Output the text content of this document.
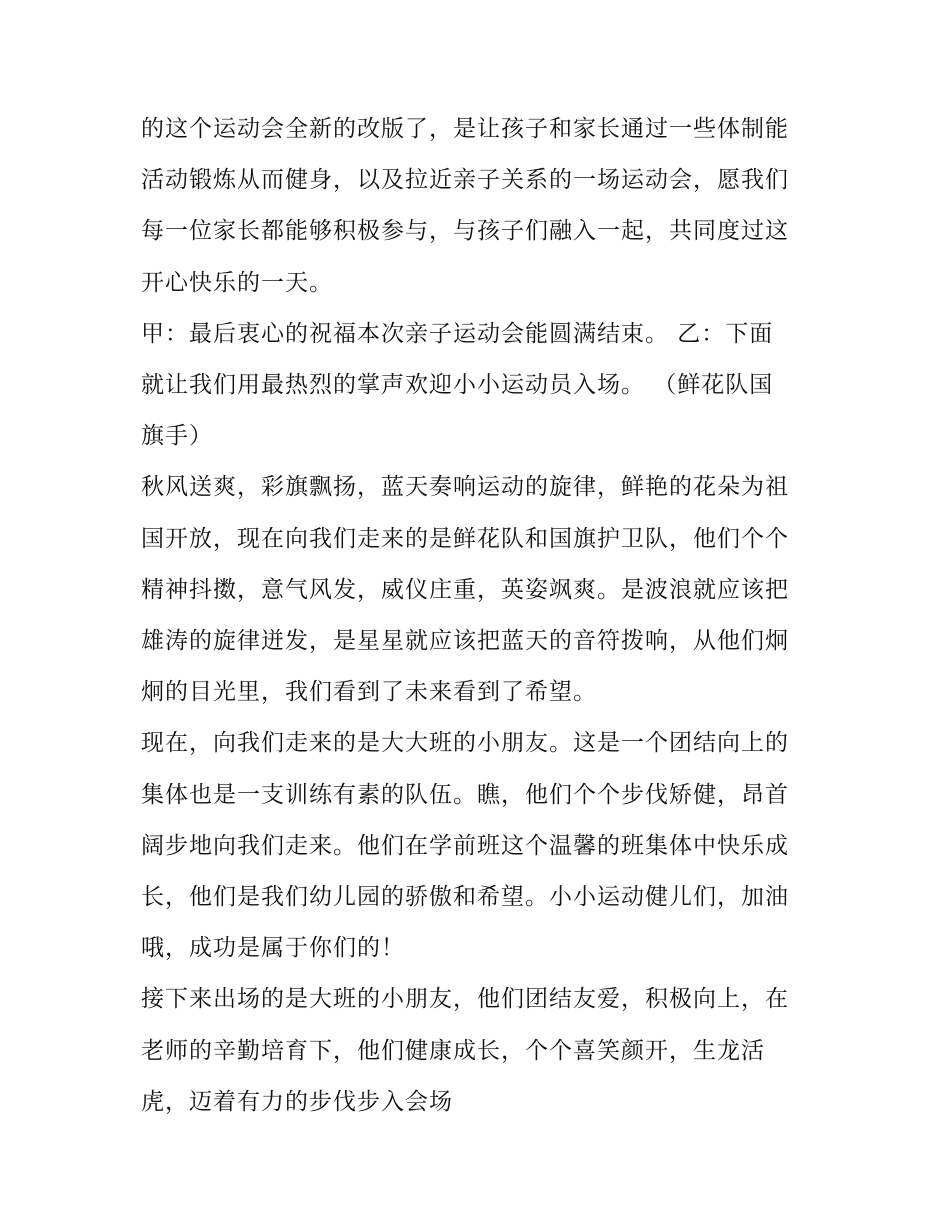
的这个运动会全新的改版了，是让孩子和家长通过一些体制能
活动锻炼从而健身，以及拉近亲子关系的一场运动会，愿我们
每一位家长都能够积极参与，与孩子们融入一起，共同度过这
开心快乐的一天。

甲：最后衷心的祝福本次亲子运动会能圆满结束。 乙：下面
就让我们用最热烈的掌声欢迎小小运动员入场。 （鲜花队国
旗手）

秋风送爽，彩旗飘扬，蓝天奏响运动的旋律，鲜艳的花朵为祖
国开放，现在向我们走来的是鲜花队和国旗护卫队，他们个个
精神抖擞，意气风发，威仪庄重，英姿飒爽。是波浪就应该把
雄涛的旋律迸发，是星星就应该把蓝天的音符拨响，从他们炯
炯的目光里，我们看到了未来看到了希望。

现在，向我们走来的是大大班的小朋友。这是一个团结向上的
集体也是一支训练有素的队伍。瞧，他们个个步伐矫健，昂首
阔步地向我们走来。他们在学前班这个温馨的班集体中快乐成
长，他们是我们幼儿园的骄傲和希望。小小运动健儿们，加油
哦，成功是属于你们的！

接下来出场的是大班的小朋友，他们团结友爱，积极向上，在
老师的辛勤培育下，他们健康成长，个个喜笑颜开，生龙活
虎，迈着有力的步伐步入会场
